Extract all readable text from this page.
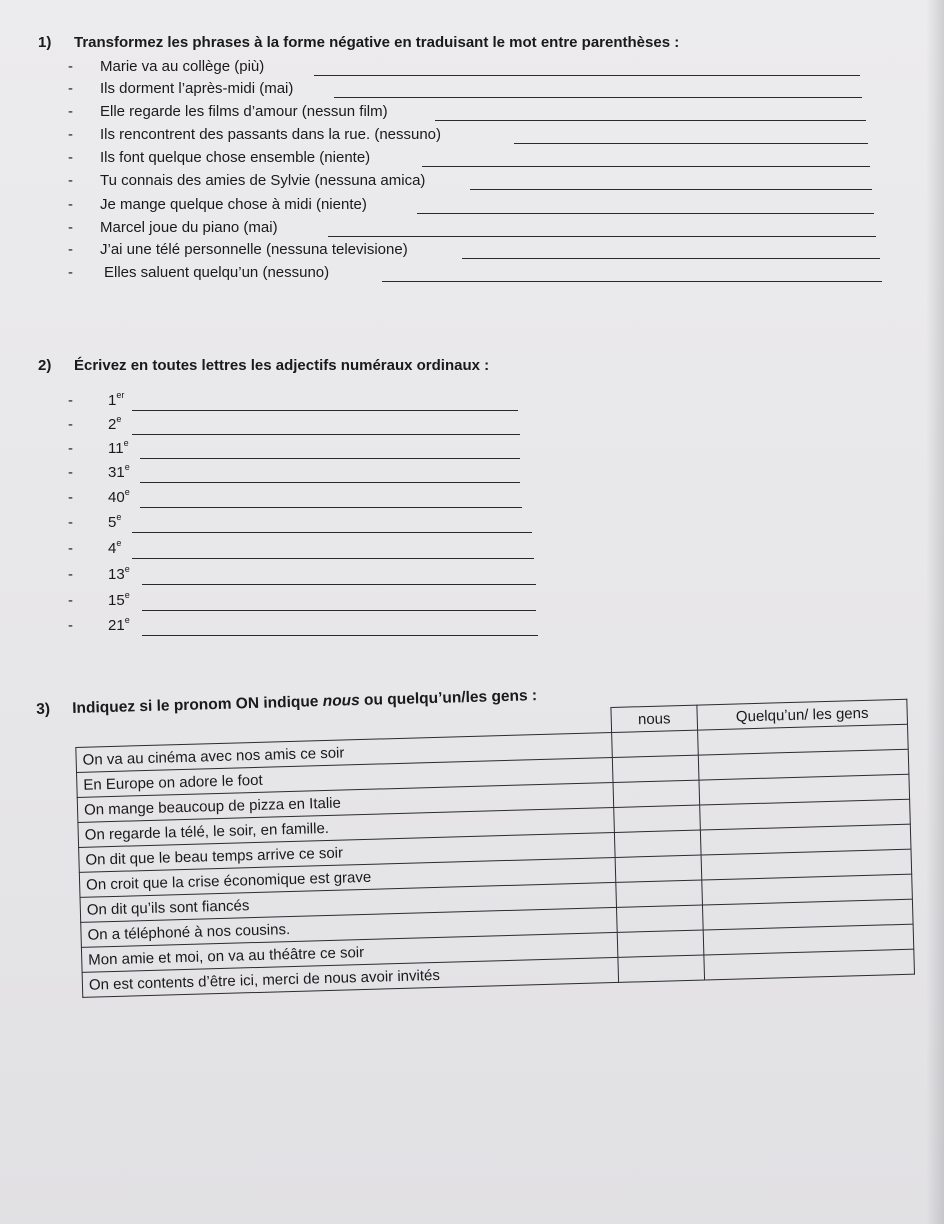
1) Transformez les phrases à la forme négative en traduisant le mot entre parenthèses :
- Marie va au collège (più)
- Ils dorment l’après-midi (mai)
- Elle regarde les films d’amour (nessun film)
- Ils rencontrent des passants dans la rue. (nessuno)
- Ils font quelque chose ensemble (niente)
- Tu connais des amies de Sylvie (nessuna amica)
- Je mange quelque chose à midi (niente)
- Marcel joue du piano (mai)
- J’ai une télé personnelle (nessuna televisione)
- Elles saluent quelqu’un (nessuno)
2) Écrivez en toutes lettres les adjectifs numéraux ordinaux :
- 1er
- 2e
- 11e
- 31e
- 40e
- 5e
- 4e
- 13e
- 15e
- 21e
3) Indiquez si le pronom ON indique nous ou quelqu’un/les gens :
	nous	Quelqu’un/ les gens
On va au cinéma avec nos amis ce soir		
En Europe on adore le foot		
On mange beaucoup de pizza en Italie		
On regarde la télé, le soir, en famille.		
On dit que le beau temps arrive ce soir		
On croit que la crise économique est grave		
On dit qu’ils sont fiancés		
On a téléphoné à nos cousins.		
Mon amie et moi, on va au théâtre ce soir		
On est contents d’être ici, merci de nous avoir invités		
